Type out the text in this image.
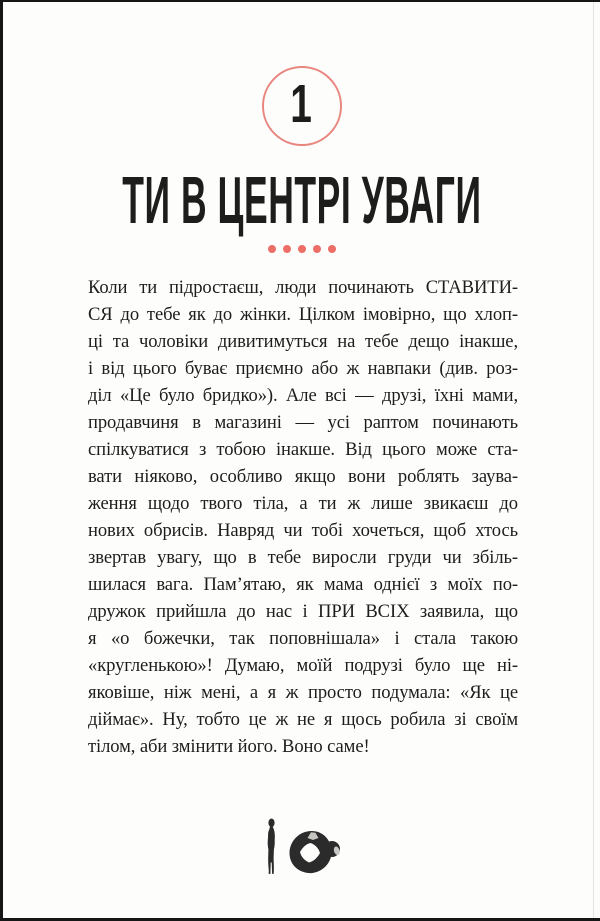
1
ТИ В ЦЕНТРІ УВАГИ
Коли ти підростаєш, люди починають СТАВИТИ-
СЯ до тебе як до жінки. Цілком імовірно, що хлоп-
ці та чоловіки дивитимуться на тебе дещо інакше,
і від цього буває приємно або ж навпаки (див. роз-
діл «Це було бридко»). Але всі — друзі, їхні мами,
продавчиня в магазині — усі раптом починають
спілкуватися з тобою інакше. Від цього може ста-
вати ніяково, особливо якщо вони роблять заува-
ження щодо твого тіла, а ти ж лише звикаєш до
нових обрисів. Навряд чи тобі хочеться, щоб хтось
звертав увагу, що в тебе виросли груди чи збіль-
шилася вага. Пам’ятаю, як мама однієї з моїх по-
дружок прийшла до нас і ПРИ ВСІХ заявила, що
я «о божечки, так поповнішала» і стала такою
«кругленькою»! Думаю, моїй подрузі було ще ні-
яковіше, ніж мені, а я ж просто подумала: «Як це
діймає». Ну, тобто це ж не я щось робила зі своїм
тілом, аби змінити його. Воно саме!
